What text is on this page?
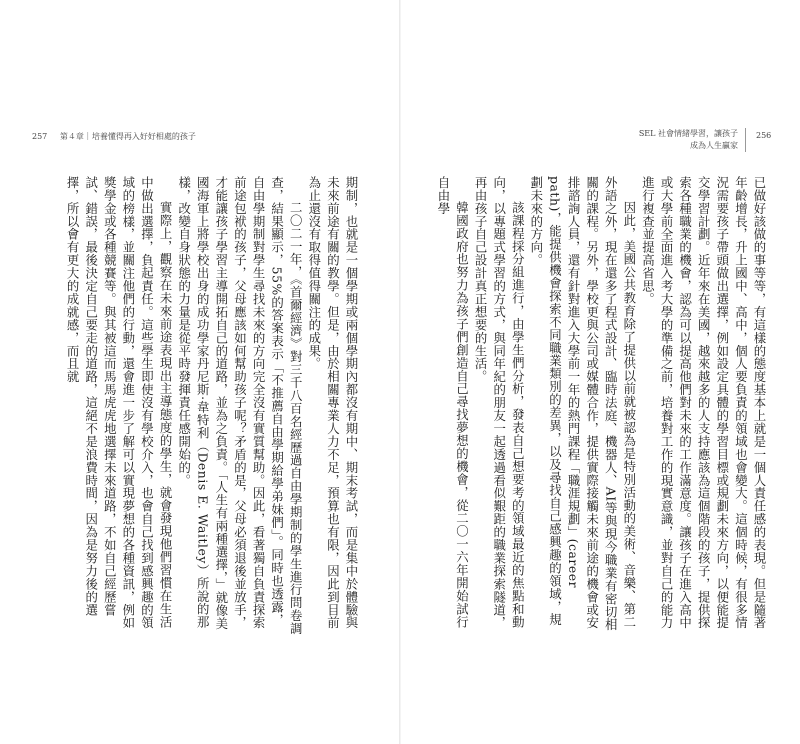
257 第４章｜培養懂得再入好好相處的孩子	SEL 社會情緒學習，讓孩子成為人生贏家
256

已做好該做的事等等，有這樣的態度基本上就是一個人責任感的表現。但是隨著年齡增長，升上國中、高中，個人要負責的領域也會變大。這個時候，有很多情況需要孩子帶頭做出選擇，例如設定具體的學習目標或規劃未來方向，以便能提交學習計劃。近年來在美國，越來越多的人支持應該為這個階段的孩子，提供探索各種職業的機會，認為可以提高他們對未來的工作滿意度。讓孩子在進入高中或大學前全面進入考大學的準備之前，培養對工作的現實意識，並對自己的能力進行複查並提高省思。

因此，美國公共教育除了提供以前就被認為是特別活動的美術、音樂、第二外語之外，現在還多了程式設計、臨時法庭、機器人、AI等與現今職業有密切相關的課程。另外，學校更與公司或媒體合作，提供實際接觸未來前途的機會或安排諮詢人員，還有針對進入大學前一年的熱門課程「職涯規劃」(career path)，能提供機會探索不同職業類別的差異，以及尋找自己感興趣的領域，規劃未來的方向。

該課程採分組進行，由學生們分析，發表自己想要考的領域最近的焦點和動向，以專題式學習的方式，與同年紀的朋友一起透過看似艱距的職業探索隧道，再由孩子自己設計真正想要的生活。

韓國政府也努力為孩子們創造自己尋找夢想的機會，從二〇一六年開始試行自由學

期制，也就是一個學期或兩個學期內都沒有期中、期末考試，而是集中於體驗與未來前途有關的教學。但是，由於相關專業人力不足，預算也有限，因此到目前為止還沒有取得值得關注的成果。

二〇二一年，《首爾經濟》對三千八百名經歷過自由學期制的學生進行問卷調查，結果顯示，55%的答案表示「不推薦自由學期給學弟妹們」。同時也透露，自由學期制對學生尋找未來的方向完全沒有實質幫助。因此，看著獨自負責探索前途包袱的孩子，父母應該如何幫助孩子呢？矛盾的是，父母必須退後並放手，才能讓孩子學習主導開拓自己的道路，並為之負責。「人生有兩種選擇，」就像美國海軍上將學校出身的成功學家丹尼斯·韋特利（Denis E. Waitley）所說的那樣，改變自身狀態的力量是從平時發揮責任感開始的。

實際上，觀察在未來前途表現出主導態度的學生，就會發現他們習慣在生活中做出選擇，負起責任。這些學生即使沒有學校介入，也會自己找到感興趣的領域的榜樣，並關注他們的行動，還會進一步了解可以實現夢想的各種資訊，例如獎學金或各種競賽等。與其被這而馬馬虎虎地選擇未來道路，不如自己經歷嘗試、錯誤，最後決定自己要走的道路，這絕不是浪費時間，因為是努力後的選擇，所以會有更大的成就感，而且就
